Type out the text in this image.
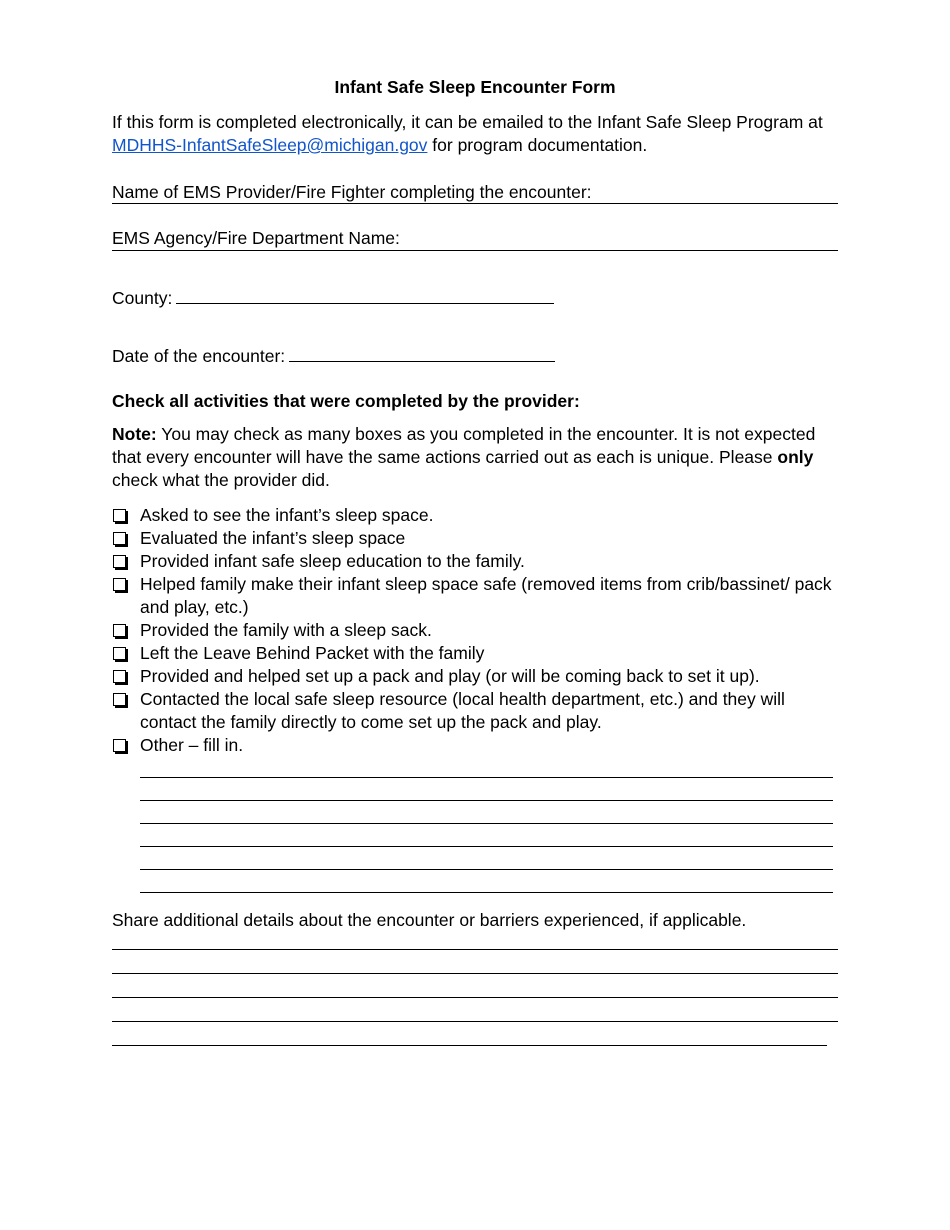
Infant Safe Sleep Encounter Form
If this form is completed electronically, it can be emailed to the Infant Safe Sleep Program at MDHHS-InfantSafeSleep@michigan.gov for program documentation.
Name of EMS Provider/Fire Fighter completing the encounter:
EMS Agency/Fire Department Name:
County:
Date of the encounter:
Check all activities that were completed by the provider:
Note: You may check as many boxes as you completed in the encounter. It is not expected that every encounter will have the same actions carried out as each is unique. Please only check what the provider did.
Asked to see the infant’s sleep space.
Evaluated the infant’s sleep space
Provided infant safe sleep education to the family.
Helped family make their infant sleep space safe (removed items from crib/bassinet/ pack and play, etc.)
Provided the family with a sleep sack.
Left the Leave Behind Packet with the family
Provided and helped set up a pack and play (or will be coming back to set it up).
Contacted the local safe sleep resource (local health department, etc.) and they will contact the family directly to come set up the pack and play.
Other – fill in.
Share additional details about the encounter or barriers experienced, if applicable.
